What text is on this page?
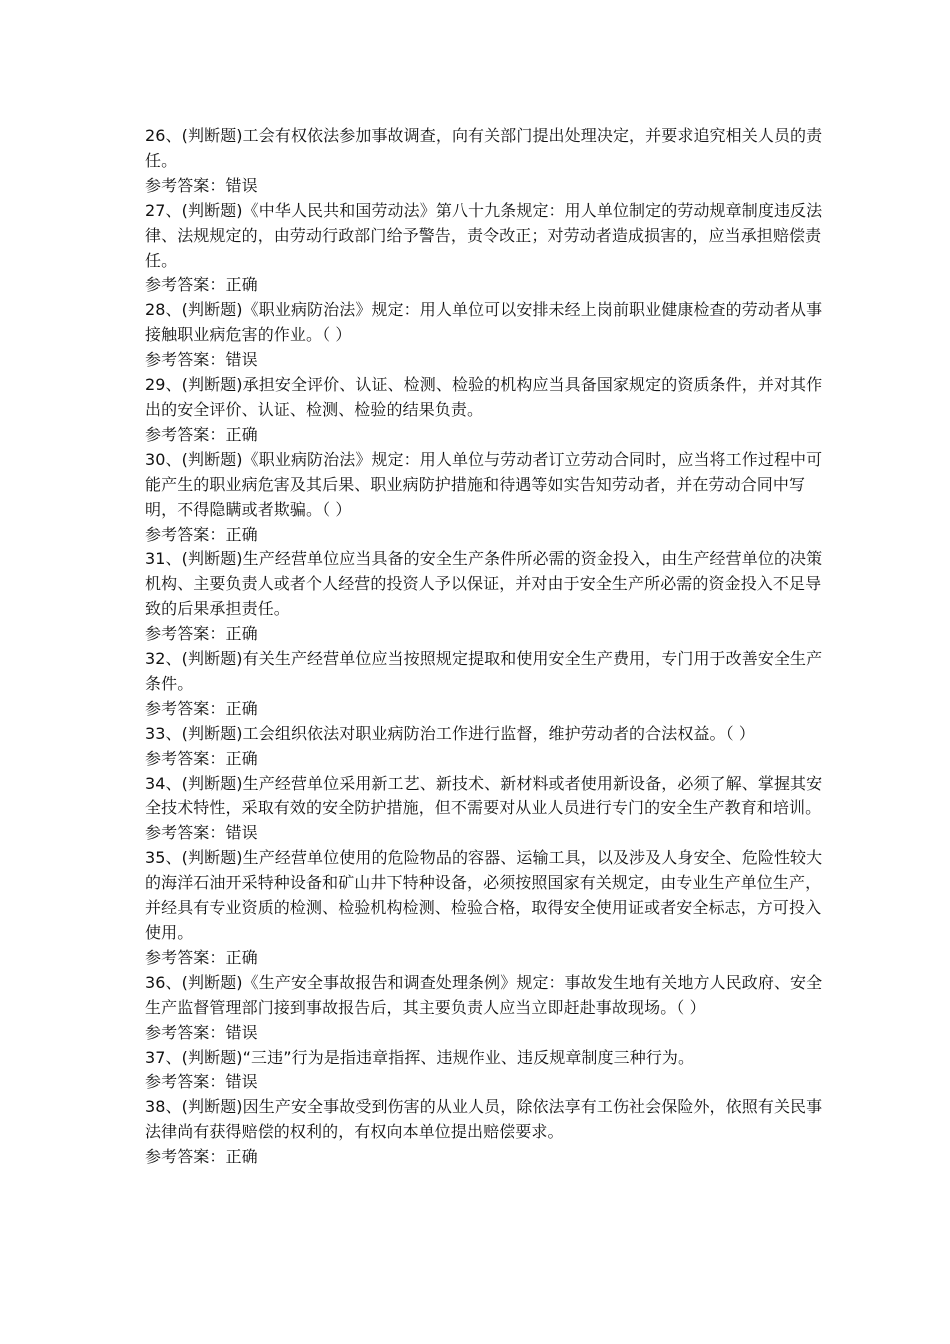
26、(判断题)工会有权依法参加事故调查，向有关部门提出处理决定，并要求追究相关人员的责任。

参考答案：错误

27、(判断题)《中华人民共和国劳动法》第八十九条规定：用人单位制定的劳动规章制度违反法律、法规规定的，由劳动行政部门给予警告，责令改正；对劳动者造成损害的，应当承担赔偿责任。

参考答案：正确

28、(判断题)《职业病防治法》规定：用人单位可以安排未经上岗前职业健康检查的劳动者从事接触职业病危害的作业。（ ）

参考答案：错误

29、(判断题)承担安全评价、认证、检测、检验的机构应当具备国家规定的资质条件，并对其作出的安全评价、认证、检测、检验的结果负责。

参考答案：正确

30、(判断题)《职业病防治法》规定：用人单位与劳动者订立劳动合同时，应当将工作过程中可能产生的职业病危害及其后果、职业病防护措施和待遇等如实告知劳动者，并在劳动合同中写明，不得隐瞒或者欺骗。（ ）

参考答案：正确

31、(判断题)生产经营单位应当具备的安全生产条件所必需的资金投入，由生产经营单位的决策机构、主要负责人或者个人经营的投资人予以保证，并对由于安全生产所必需的资金投入不足导致的后果承担责任。

参考答案：正确

32、(判断题)有关生产经营单位应当按照规定提取和使用安全生产费用，专门用于改善安全生产条件。

参考答案：正确

33、(判断题)工会组织依法对职业病防治工作进行监督，维护劳动者的合法权益。（ ）

参考答案：正确

34、(判断题)生产经营单位采用新工艺、新技术、新材料或者使用新设备，必须了解、掌握其安全技术特性，采取有效的安全防护措施，但不需要对从业人员进行专门的安全生产教育和培训。

参考答案：错误

35、(判断题)生产经营单位使用的危险物品的容器、运输工具，以及涉及人身安全、危险性较大的海洋石油开采特种设备和矿山井下特种设备，必须按照国家有关规定，由专业生产单位生产，并经具有专业资质的检测、检验机构检测、检验合格，取得安全使用证或者安全标志，方可投入使用。

参考答案：正确

36、(判断题)《生产安全事故报告和调查处理条例》规定：事故发生地有关地方人民政府、安全生产监督管理部门接到事故报告后，其主要负责人应当立即赶赴事故现场。（ ）

参考答案：错误

37、(判断题)“三违”行为是指违章指挥、违规作业、违反规章制度三种行为。

参考答案：错误

38、(判断题)因生产安全事故受到伤害的从业人员，除依法享有工伤社会保险外，依照有关民事法律尚有获得赔偿的权利的，有权向本单位提出赔偿要求。

参考答案：正确
